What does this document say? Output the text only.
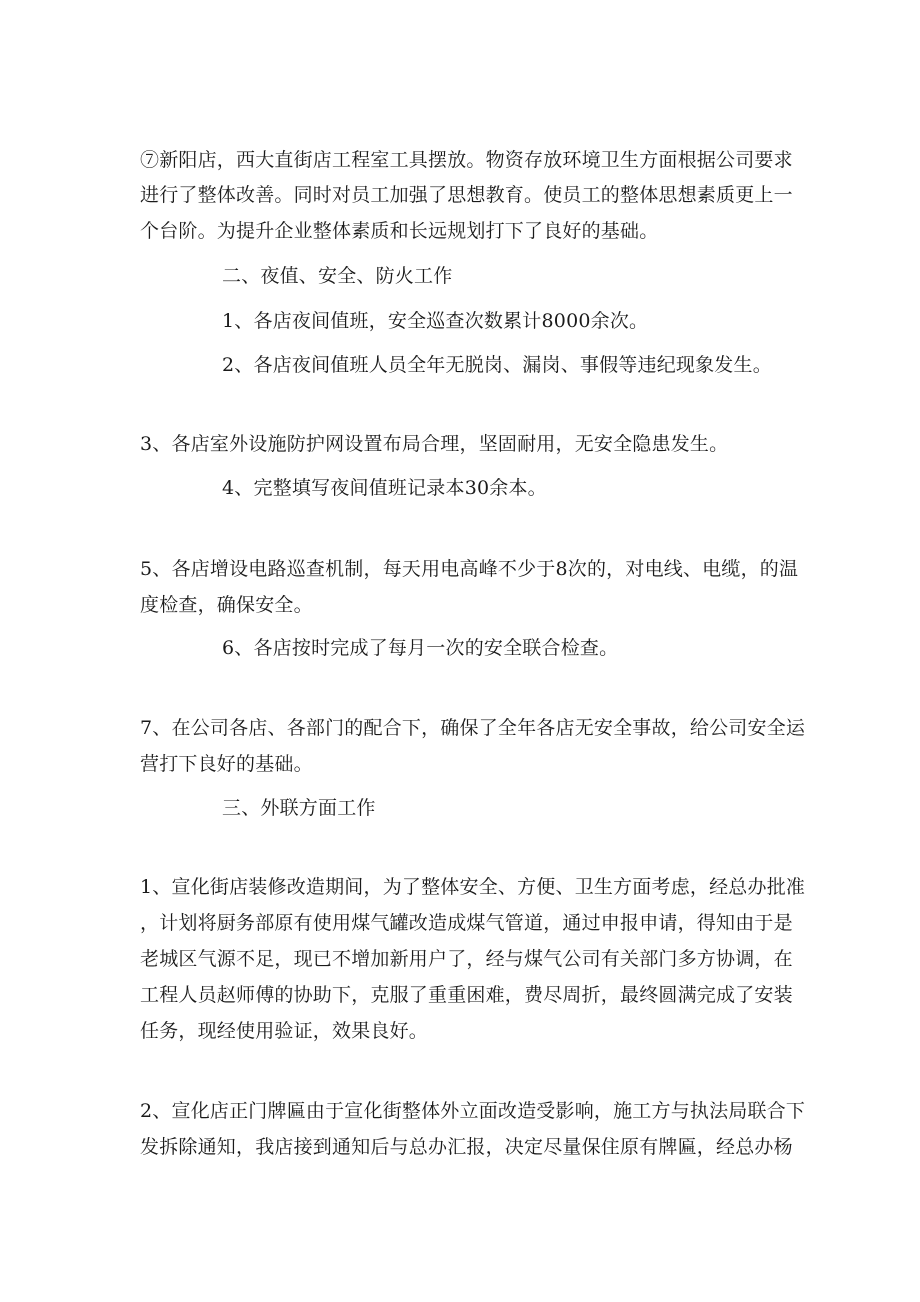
⑦新阳店，西大直街店工程室工具摆放。物资存放环境卫生方面根据公司要求
进行了整体改善。同时对员工加强了思想教育。使员工的整体思想素质更上一
个台阶。为提升企业整体素质和长远规划打下了良好的基础。
二、夜值、安全、防火工作
1、各店夜间值班，安全巡查次数累计8000余次。
2、各店夜间值班人员全年无脱岗、漏岗、事假等违纪现象发生。
3、各店室外设施防护网设置布局合理，坚固耐用，无安全隐患发生。
4、完整填写夜间值班记录本30余本。
5、各店增设电路巡查机制，每天用电高峰不少于8次的，对电线、电缆，的温
度检查，确保安全。
6、各店按时完成了每月一次的安全联合检查。
7、在公司各店、各部门的配合下，确保了全年各店无安全事故，给公司安全运
营打下良好的基础。
三、外联方面工作
1、宣化街店装修改造期间，为了整体安全、方便、卫生方面考虑，经总办批准
，计划将厨务部原有使用煤气罐改造成煤气管道，通过申报申请，得知由于是
老城区气源不足，现已不增加新用户了，经与煤气公司有关部门多方协调，在
工程人员赵师傅的协助下，克服了重重困难，费尽周折，最终圆满完成了安装
任务，现经使用验证，效果良好。
2、宣化店正门牌匾由于宣化街整体外立面改造受影响，施工方与执法局联合下
发拆除通知，我店接到通知后与总办汇报，决定尽量保住原有牌匾，经总办杨
